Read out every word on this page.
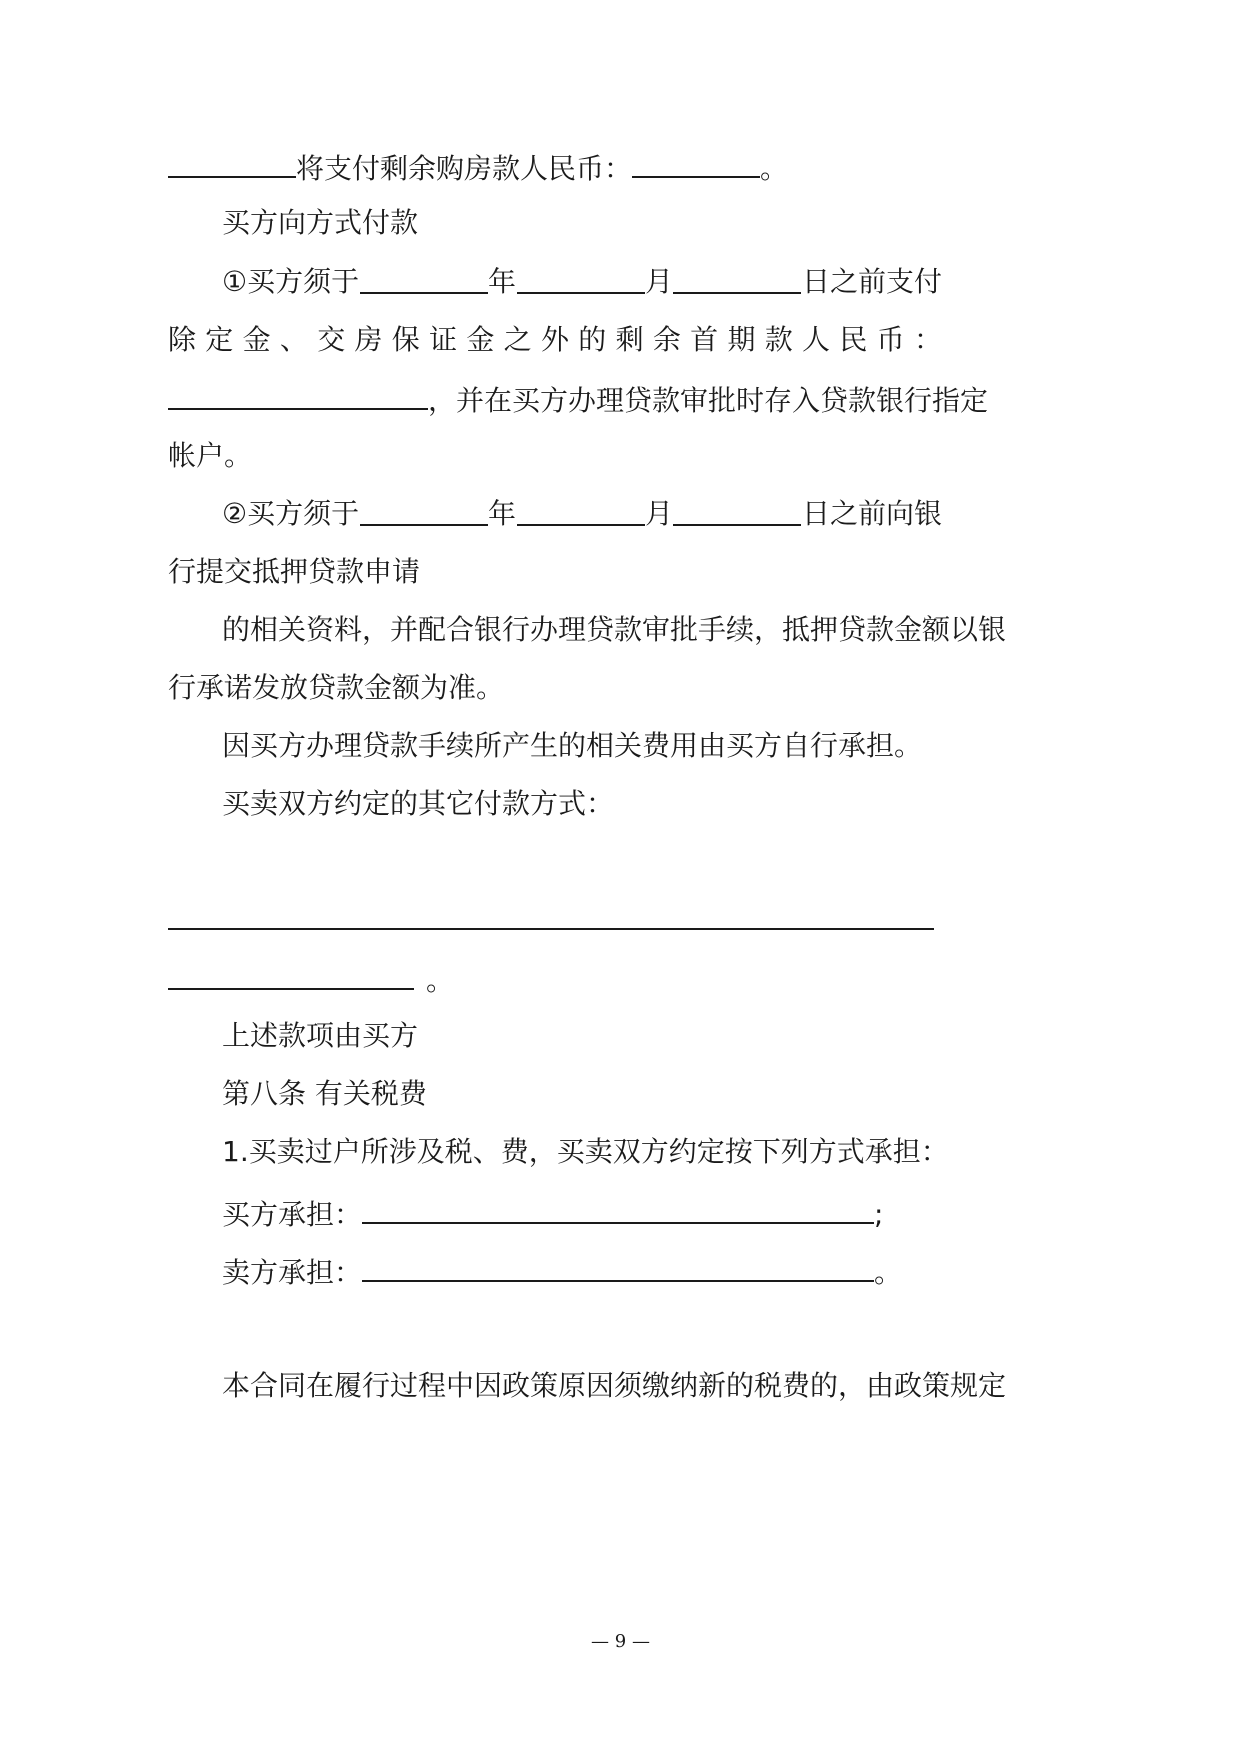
将支付剩余购房款人民币：	。
买方向方式付款
①买方须于	年	月	日之前支付
除 定 金 、 交 房 保 证 金 之 外 的 剩 余 首 期 款 人 民 币 ：
，并在买方办理贷款审批时存入贷款银行指定
帐户。
②买方须于	年	月	日之前向银
行提交抵押贷款申请
的相关资料，并配合银行办理贷款审批手续，抵押贷款金额以银
行承诺发放贷款金额为准。
因买方办理贷款手续所产生的相关费用由买方自行承担。
买卖双方约定的其它付款方式：
。
上述款项由买方
第八条 有关税费
1.买卖过户所涉及税、费，买卖双方约定按下列方式承担：
买方承担：	;
卖方承担：	。
本合同在履行过程中因政策原因须缴纳新的税费的，由政策规定
— 9 —
